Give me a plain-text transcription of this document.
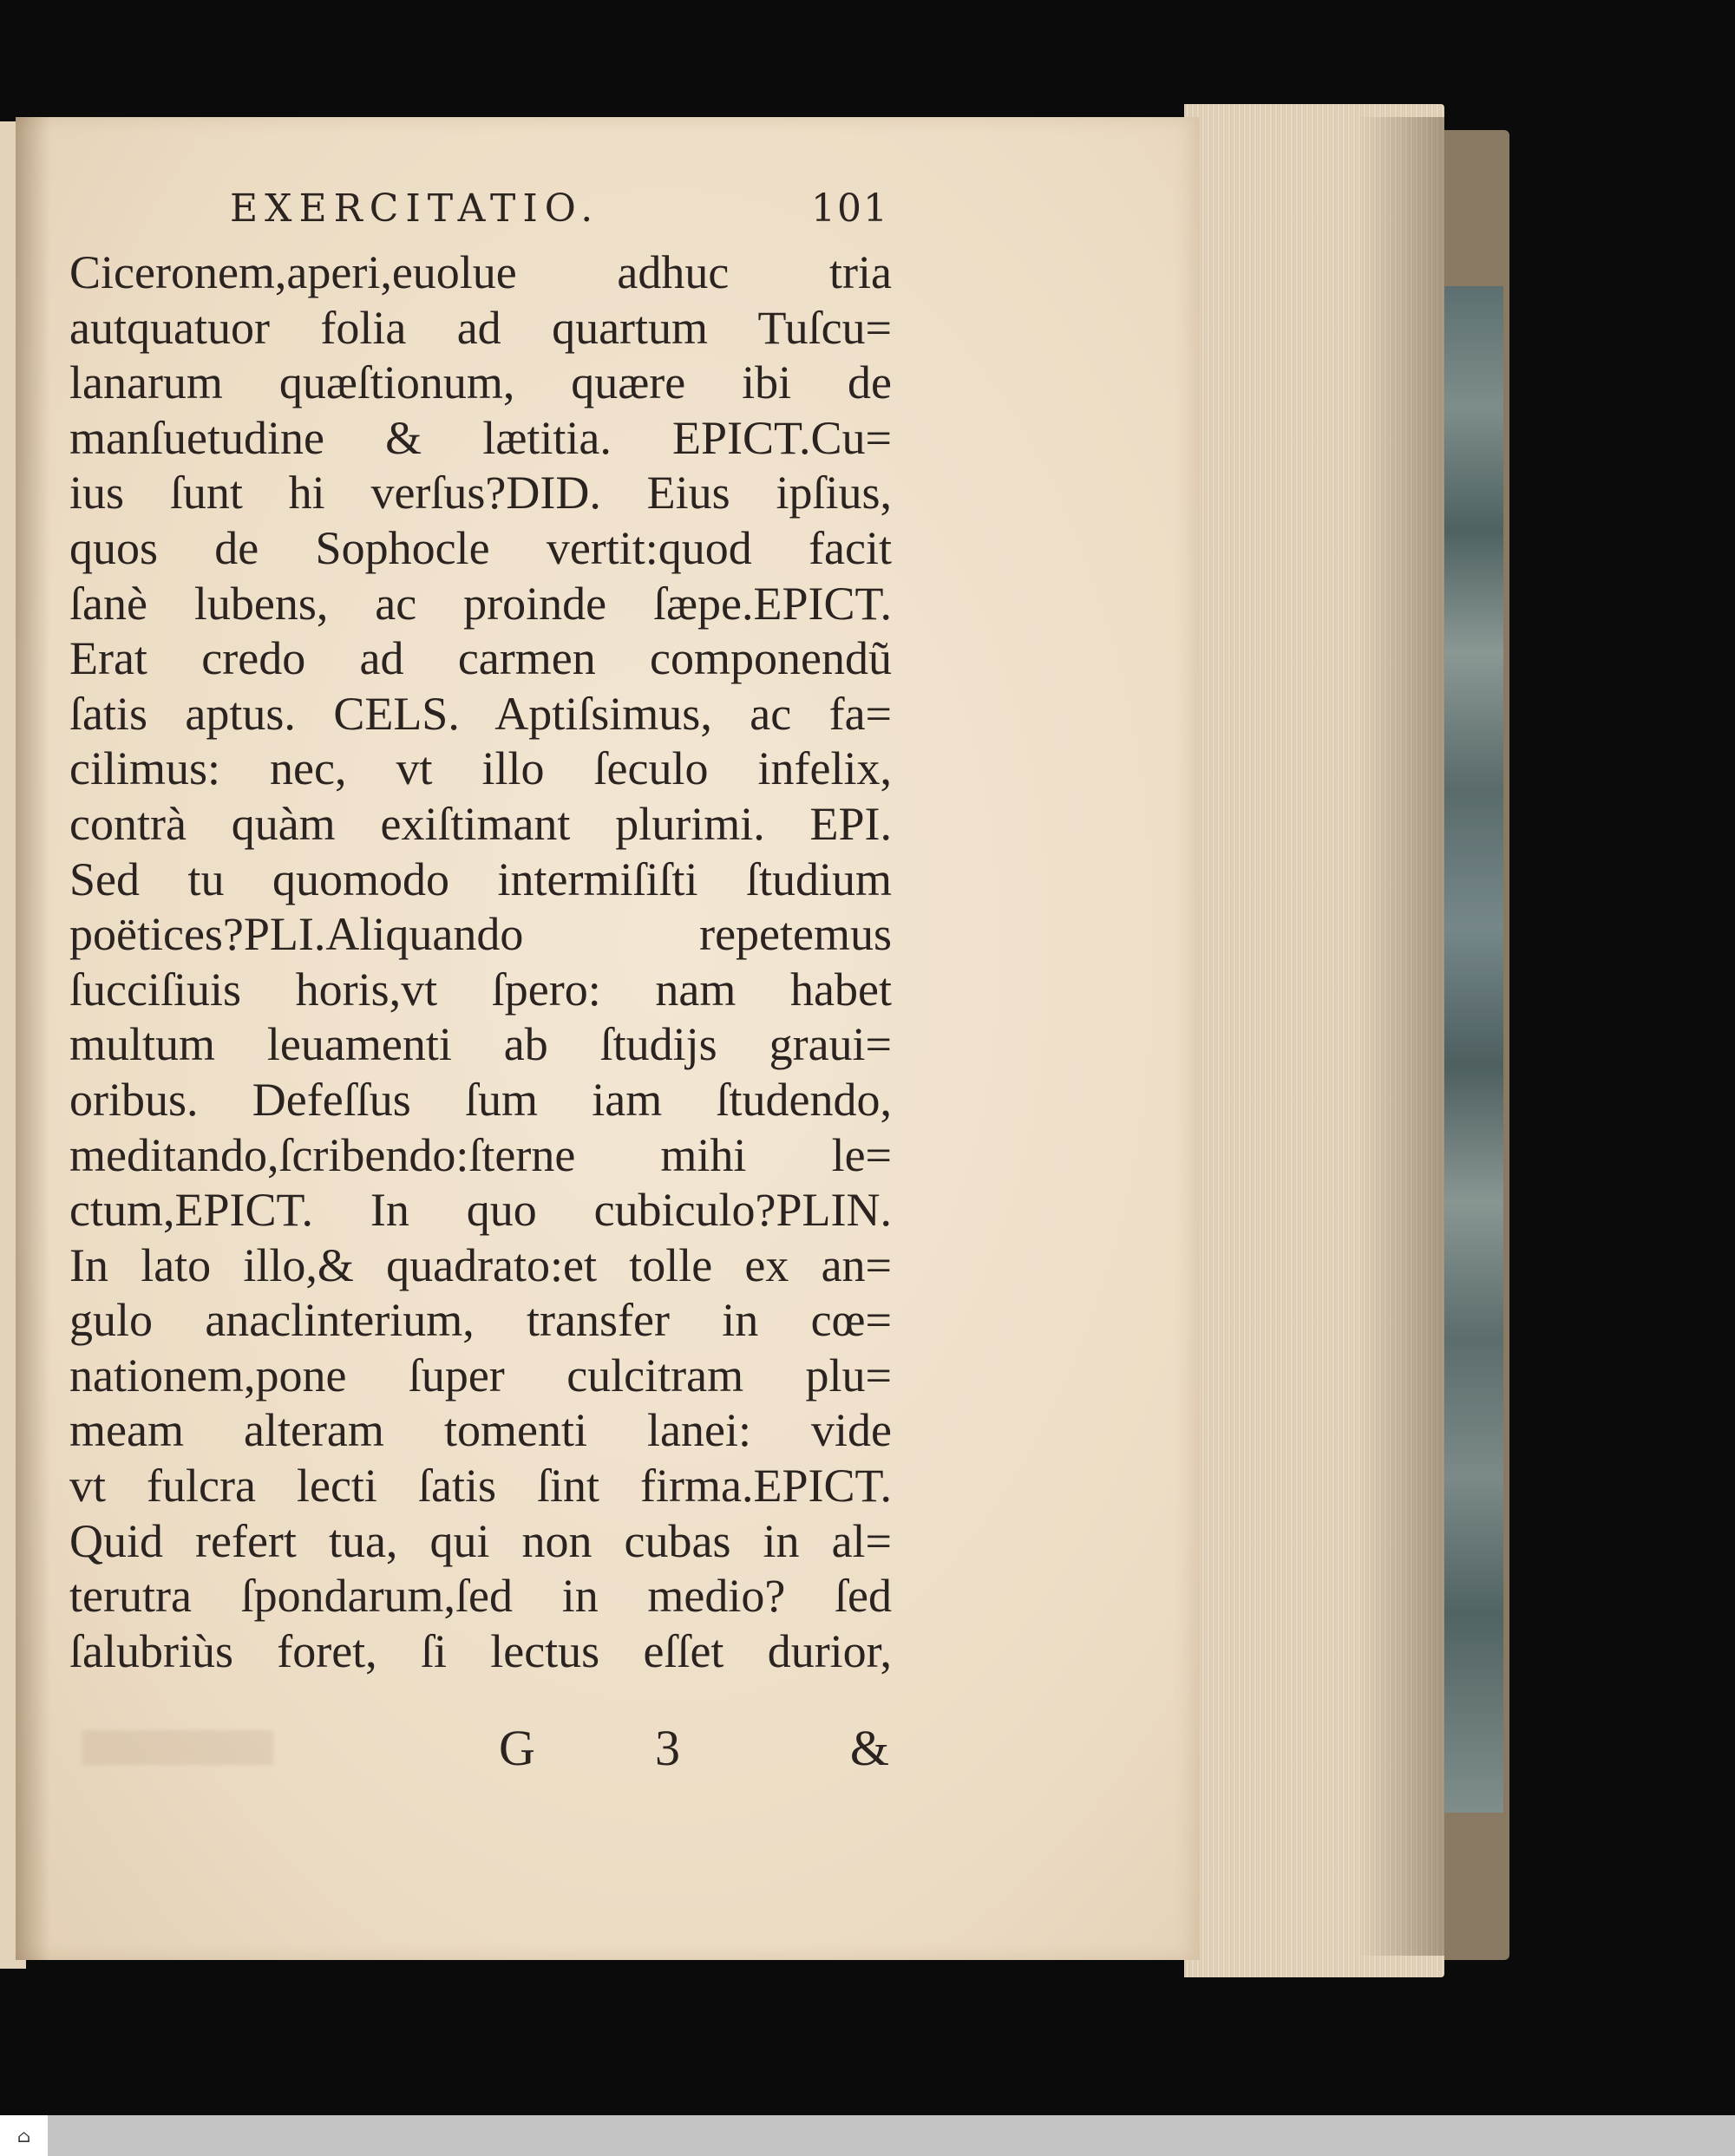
EXERCITATIO.	101
Ciceronem,aperi,euolue adhuc tria
autquatuor folia ad quartum Tuſcu=
lanarum quæſtionum, quære ibi de
manſuetudine & lætitia. EPICT.Cu=
ius ſunt hi verſus?DID. Eius ipſius,
quos de Sophocle vertit:quod facit
ſanè lubens, ac proinde ſæpe.EPICT.
Erat credo ad carmen componendũ
ſatis aptus. CELS. Aptiſsimus, ac fa=
cilimus: nec, vt illo ſeculo infelix,
contrà quàm exiſtimant plurimi. EPI.
Sed tu quomodo intermiſiſti ſtudium
poëtices?PLI.Aliquando repetemus
ſucciſiuis horis,vt ſpero: nam habet
multum leuamenti ab ſtudijs graui=
oribus. Defeſſus ſum iam ſtudendo,
meditando,ſcribendo:ſterne mihi le=
ctum,EPICT. In quo cubiculo?PLIN.
In lato illo,& quadrato:et tolle ex an=
gulo anaclinterium, transfer in cœ=
nationem,pone ſuper culcitram plu=
meam alteram tomenti lanei: vide
vt fulcra lecti ſatis ſint firma.EPICT.
Quid refert tua, qui non cubas in al=
terutra ſpondarum,ſed in medio? ſed
ſalubriùs foret, ſi lectus eſſet durior,
G 3	&
⌂
